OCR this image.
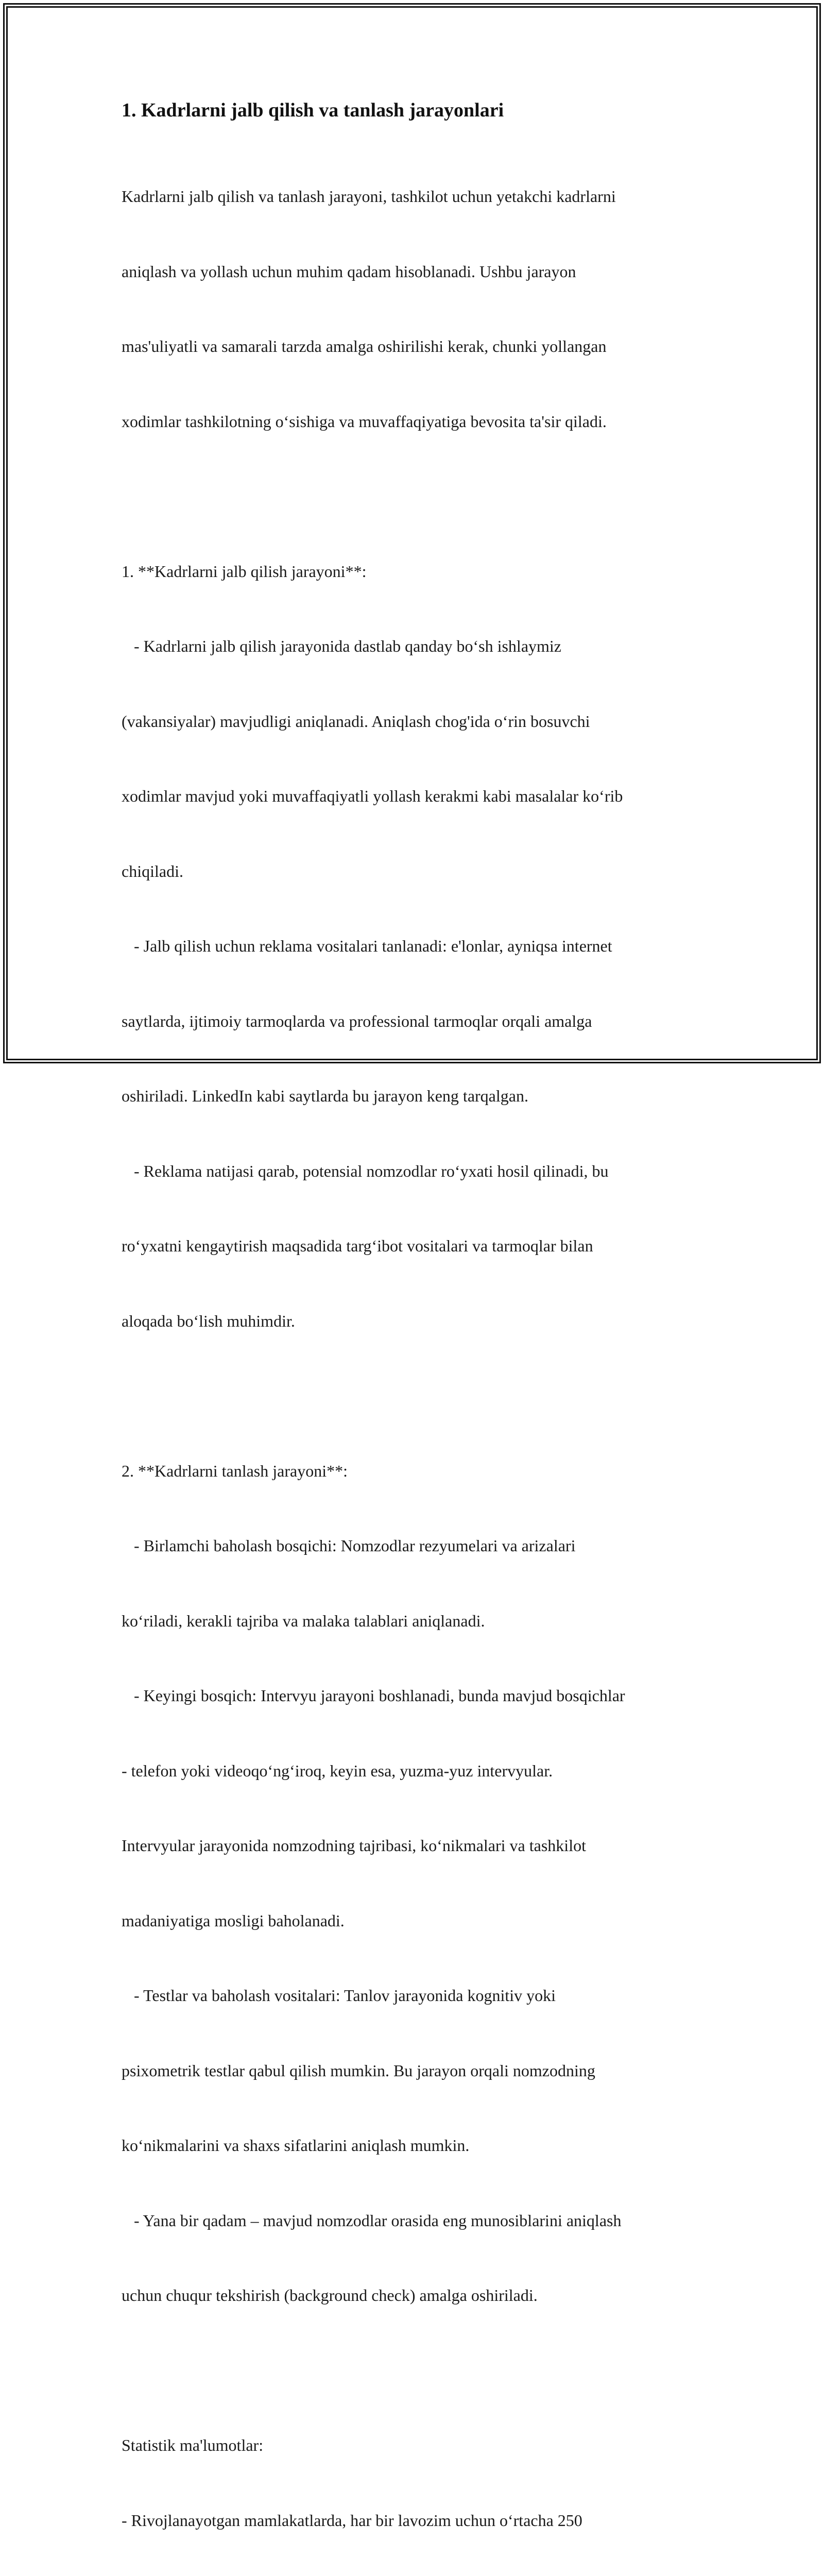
1. Kadrlarni jalb qilish va tanlash jarayonlari

Kadrlarni jalb qilish va tanlash jarayoni, tashkilot uchun yetakchi kadrlarni

aniqlash va yollash uchun muhim qadam hisoblanadi. Ushbu jarayon

mas'uliyatli va samarali tarzda amalga oshirilishi kerak, chunki yollangan

xodimlar tashkilotning o‘sishiga va muvaffaqiyatiga bevosita ta'sir qiladi.

1. **Kadrlarni jalb qilish jarayoni**:

- Kadrlarni jalb qilish jarayonida dastlab qanday bo‘sh ishlaymiz

(vakansiyalar) mavjudligi aniqlanadi. Aniqlash chog'ida o‘rin bosuvchi

xodimlar mavjud yoki muvaffaqiyatli yollash kerakmi kabi masalalar ko‘rib

chiqiladi.

- Jalb qilish uchun reklama vositalari tanlanadi: e'lonlar, ayniqsa internet

saytlarda, ijtimoiy tarmoqlarda va professional tarmoqlar orqali amalga

oshiriladi. LinkedIn kabi saytlarda bu jarayon keng tarqalgan.

- Reklama natijasi qarab, potensial nomzodlar ro‘yxati hosil qilinadi, bu

ro‘yxatni kengaytirish maqsadida targ‘ibot vositalari va tarmoqlar bilan

aloqada bo‘lish muhimdir.

2. **Kadrlarni tanlash jarayoni**:

- Birlamchi baholash bosqichi: Nomzodlar rezyumelari va arizalari

ko‘riladi, kerakli tajriba va malaka talablari aniqlanadi.

- Keyingi bosqich: Intervyu jarayoni boshlanadi, bunda mavjud bosqichlar

- telefon yoki videoqo‘ng‘iroq, keyin esa, yuzma-yuz intervyular.

Intervyular jarayonida nomzodning tajribasi, ko‘nikmalari va tashkilot

madaniyatiga mosligi baholanadi.

- Testlar va baholash vositalari: Tanlov jarayonida kognitiv yoki

psixometrik testlar qabul qilish mumkin. Bu jarayon orqali nomzodning

ko‘nikmalarini va shaxs sifatlarini aniqlash mumkin.

- Yana bir qadam – mavjud nomzodlar orasida eng munosiblarini aniqlash

uchun chuqur tekshirish (background check) amalga oshiriladi.

Statistik ma'lumotlar:

- Rivojlanayotgan mamlakatlarda, har bir lavozim uchun o‘rtacha 250
